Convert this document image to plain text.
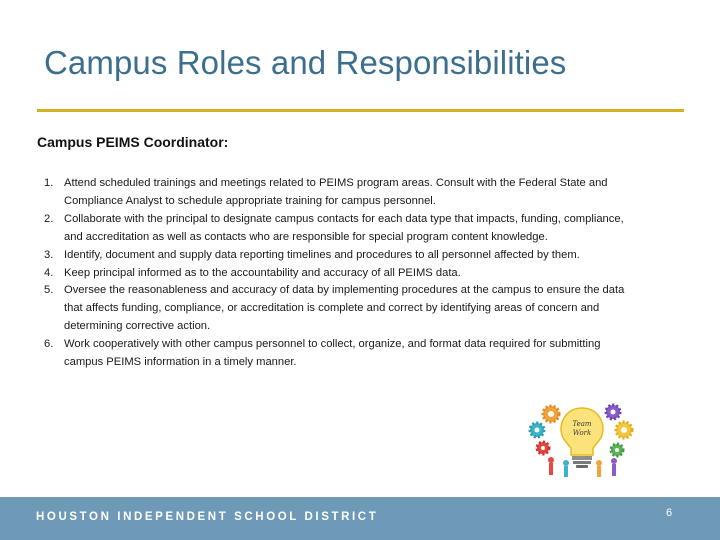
Campus Roles and Responsibilities
Campus PEIMS Coordinator:
1. Attend scheduled trainings and meetings related to PEIMS program areas. Consult with the Federal State and Compliance Analyst to schedule appropriate training for campus personnel.
2. Collaborate with the principal to designate campus contacts for each data type that impacts, funding, compliance, and accreditation as well as contacts who are responsible for special program content knowledge.
3. Identify, document and supply data reporting timelines and procedures to all personnel affected by them.
4. Keep principal informed as to the accountability and accuracy of all PEIMS data.
5. Oversee the reasonableness and accuracy of data by implementing procedures at the campus to ensure the data that affects funding, compliance, or accreditation is complete and correct by identifying areas of concern and determining corrective action.
6. Work cooperatively with other campus personnel to collect, organize, and format data required for submitting campus PEIMS information in a timely manner.
Team
Work
HOUSTON INDEPENDENT SCHOOL DISTRICT	6
